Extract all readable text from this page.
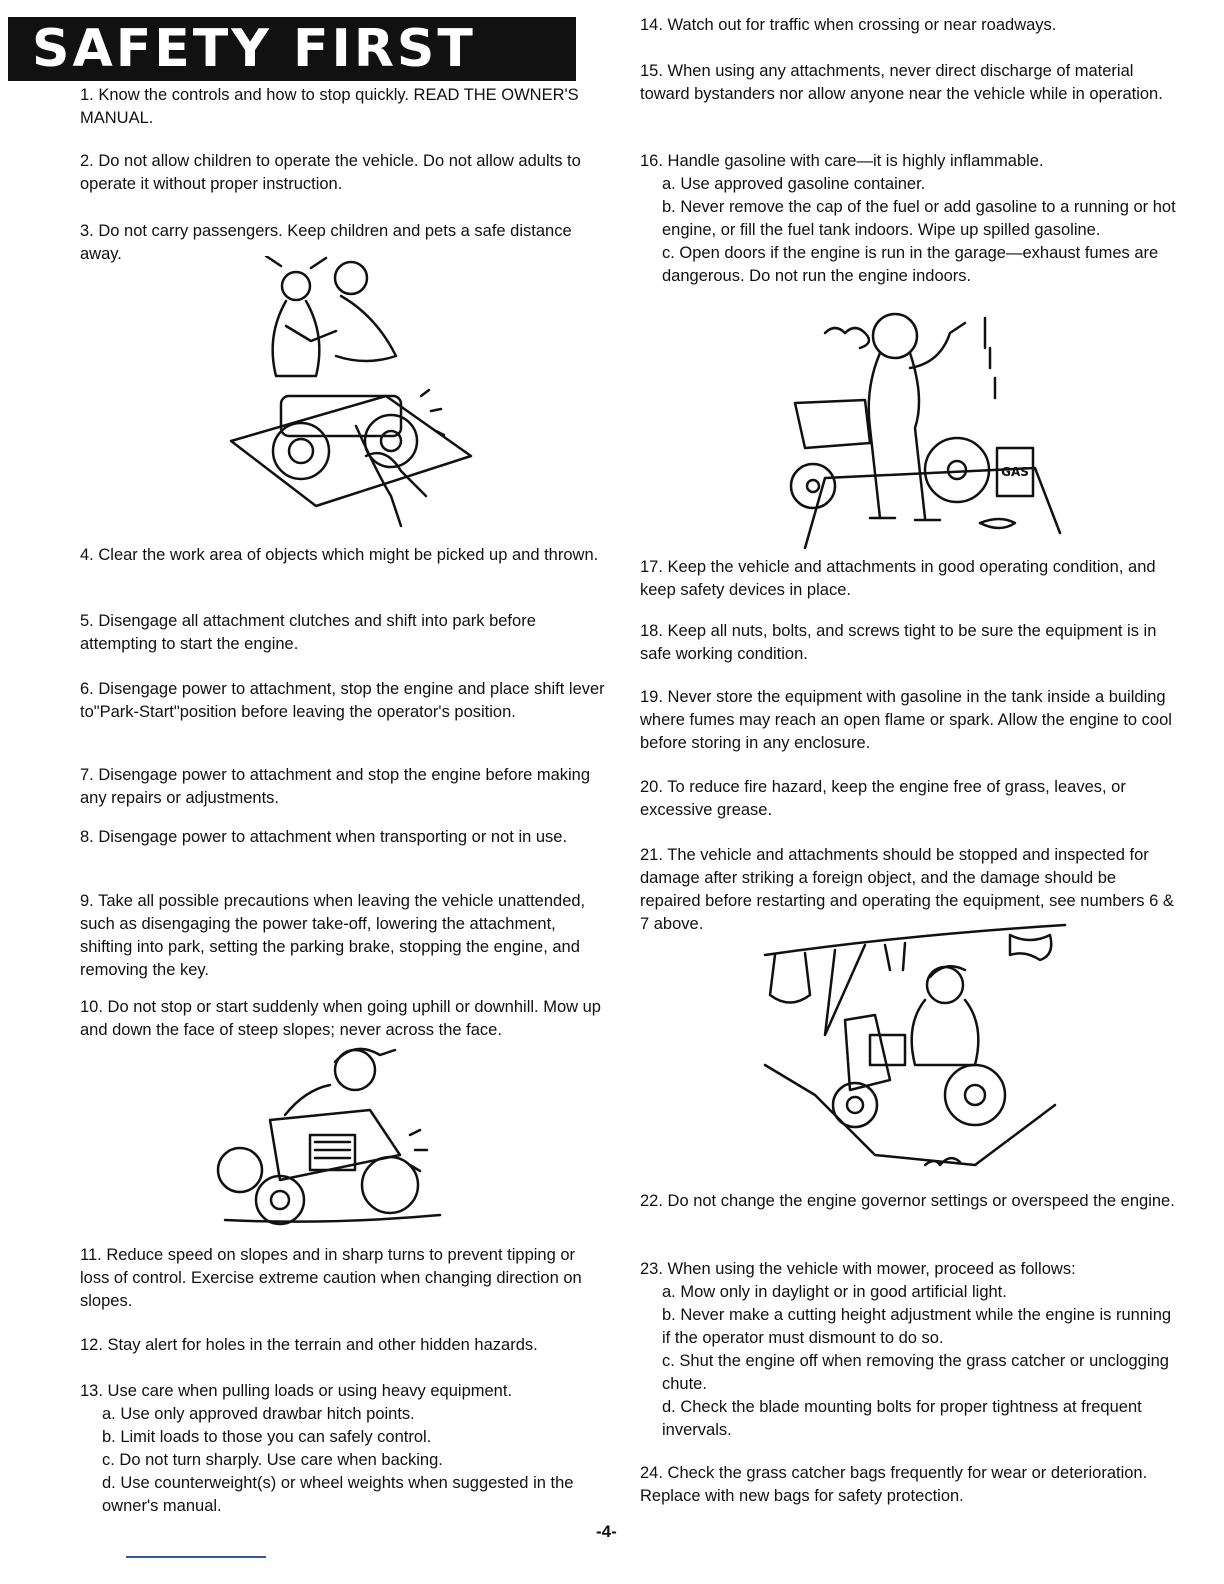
SAFETY FIRST

1. Know the controls and how to stop quickly. READ THE OWNER'S MANUAL.

2. Do not allow children to operate the vehicle. Do not allow adults to operate it without proper instruction.

3. Do not carry passengers. Keep children and pets a safe distance away.

4. Clear the work area of objects which might be picked up and thrown.

5. Disengage all attachment clutches and shift into park before attempting to start the engine.

6. Disengage power to attachment, stop the engine and place shift lever to"Park-Start"position before leaving the operator's position.

7. Disengage power to attachment and stop the engine before making any repairs or adjustments.

8. Disengage power to attachment when transporting or not in use.

9. Take all possible precautions when leaving the vehicle unattended, such as disengaging the power take-off, lowering the attachment, shifting into park, setting the parking brake, stopping the engine, and removing the key.

10. Do not stop or start suddenly when going uphill or downhill. Mow up and down the face of steep slopes; never across the face.

11. Reduce speed on slopes and in sharp turns to prevent tipping or loss of control. Exercise extreme caution when changing direction on slopes.

12. Stay alert for holes in the terrain and other hidden hazards.

13. Use care when pulling loads or using heavy equipment.
a. Use only approved drawbar hitch points.
b. Limit loads to those you can safely control.
c. Do not turn sharply. Use care when backing.
d. Use counterweight(s) or wheel weights when suggested in the owner's manual.

14. Watch out for traffic when crossing or near roadways.

15. When using any attachments, never direct discharge of material toward bystanders nor allow anyone near the vehicle while in operation.

16. Handle gasoline with care—it is highly inflammable.
a. Use approved gasoline container.
b. Never remove the cap of the fuel or add gasoline to a running or hot engine, or fill the fuel tank indoors. Wipe up spilled gasoline.
c. Open doors if the engine is run in the garage—exhaust fumes are dangerous. Do not run the engine indoors.

GAS

17. Keep the vehicle and attachments in good operating condition, and keep safety devices in place.

18. Keep all nuts, bolts, and screws tight to be sure the equipment is in safe working condition.

19. Never store the equipment with gasoline in the tank inside a building where fumes may reach an open flame or spark. Allow the engine to cool before storing in any enclosure.

20. To reduce fire hazard, keep the engine free of grass, leaves, or excessive grease.

21. The vehicle and attachments should be stopped and inspected for damage after striking a foreign object, and the damage should be repaired before restarting and operating the equipment, see numbers 6 & 7 above.

22. Do not change the engine governor settings or overspeed the engine.

23. When using the vehicle with mower, proceed as follows:
a. Mow only in daylight or in good artificial light.
b. Never make a cutting height adjustment while the engine is running if the operator must dismount to do so.
c. Shut the engine off when removing the grass catcher or unclogging chute.
d. Check the blade mounting bolts for proper tightness at frequent invervals.

24. Check the grass catcher bags frequently for wear or deterioration. Replace with new bags for safety protection.

-4-
